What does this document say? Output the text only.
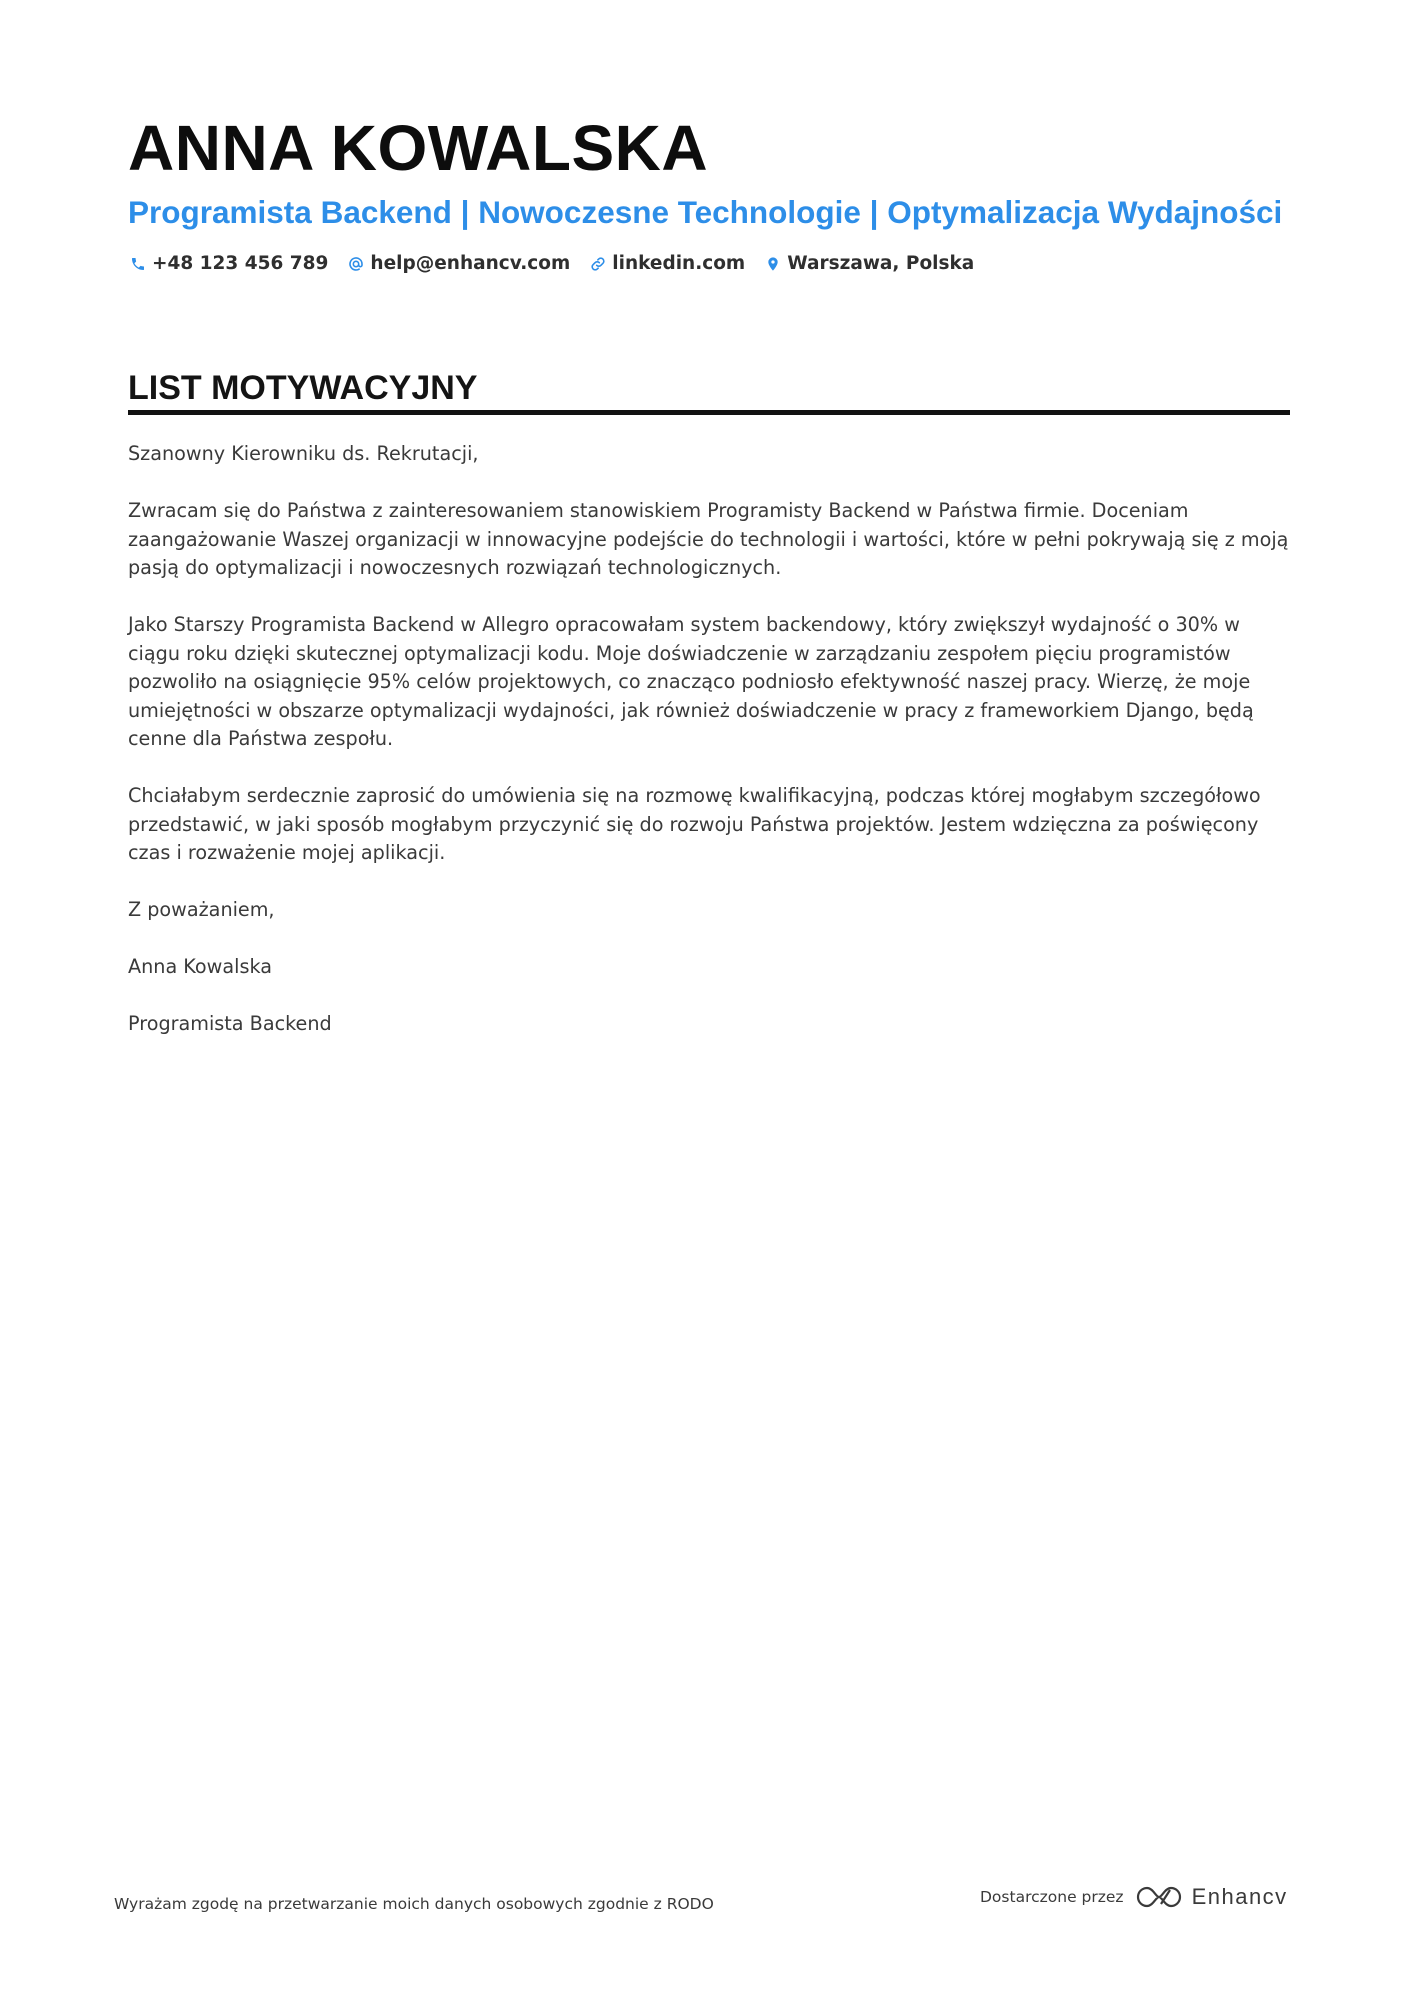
ANNA KOWALSKA
Programista Backend | Nowoczesne Technologie | Optymalizacja Wydajności
+48 123 456 789 help@enhancv.com linkedin.com Warszawa, Polska
LIST MOTYWACYJNY

Szanowny Kierowniku ds. Rekrutacji,

Zwracam się do Państwa z zainteresowaniem stanowiskiem Programisty Backend w Państwa firmie. Doceniam zaangażowanie Waszej organizacji w innowacyjne podejście do technologii i wartości, które w pełni pokrywają się z moją pasją do optymalizacji i nowoczesnych rozwiązań technologicznych.

Jako Starszy Programista Backend w Allegro opracowałam system backendowy, który zwiększył wydajność o 30% w ciągu roku dzięki skutecznej optymalizacji kodu. Moje doświadczenie w zarządzaniu zespołem pięciu programistów pozwoliło na osiągnięcie 95% celów projektowych, co znacząco podniosło efektywność naszej pracy. Wierzę, że moje umiejętności w obszarze optymalizacji wydajności, jak również doświadczenie w pracy z frameworkiem Django, będą cenne dla Państwa zespołu.

Chciałabym serdecznie zaprosić do umówienia się na rozmowę kwalifikacyjną, podczas której mogłabym szczegółowo przedstawić, w jaki sposób mogłabym przyczynić się do rozwoju Państwa projektów. Jestem wdzięczna za poświęcony czas i rozważenie mojej aplikacji.

Z poważaniem,

Anna Kowalska

Programista Backend

Wyrażam zgodę na przetwarzanie moich danych osobowych zgodnie z RODO	Dostarczone przez	Enhancv
